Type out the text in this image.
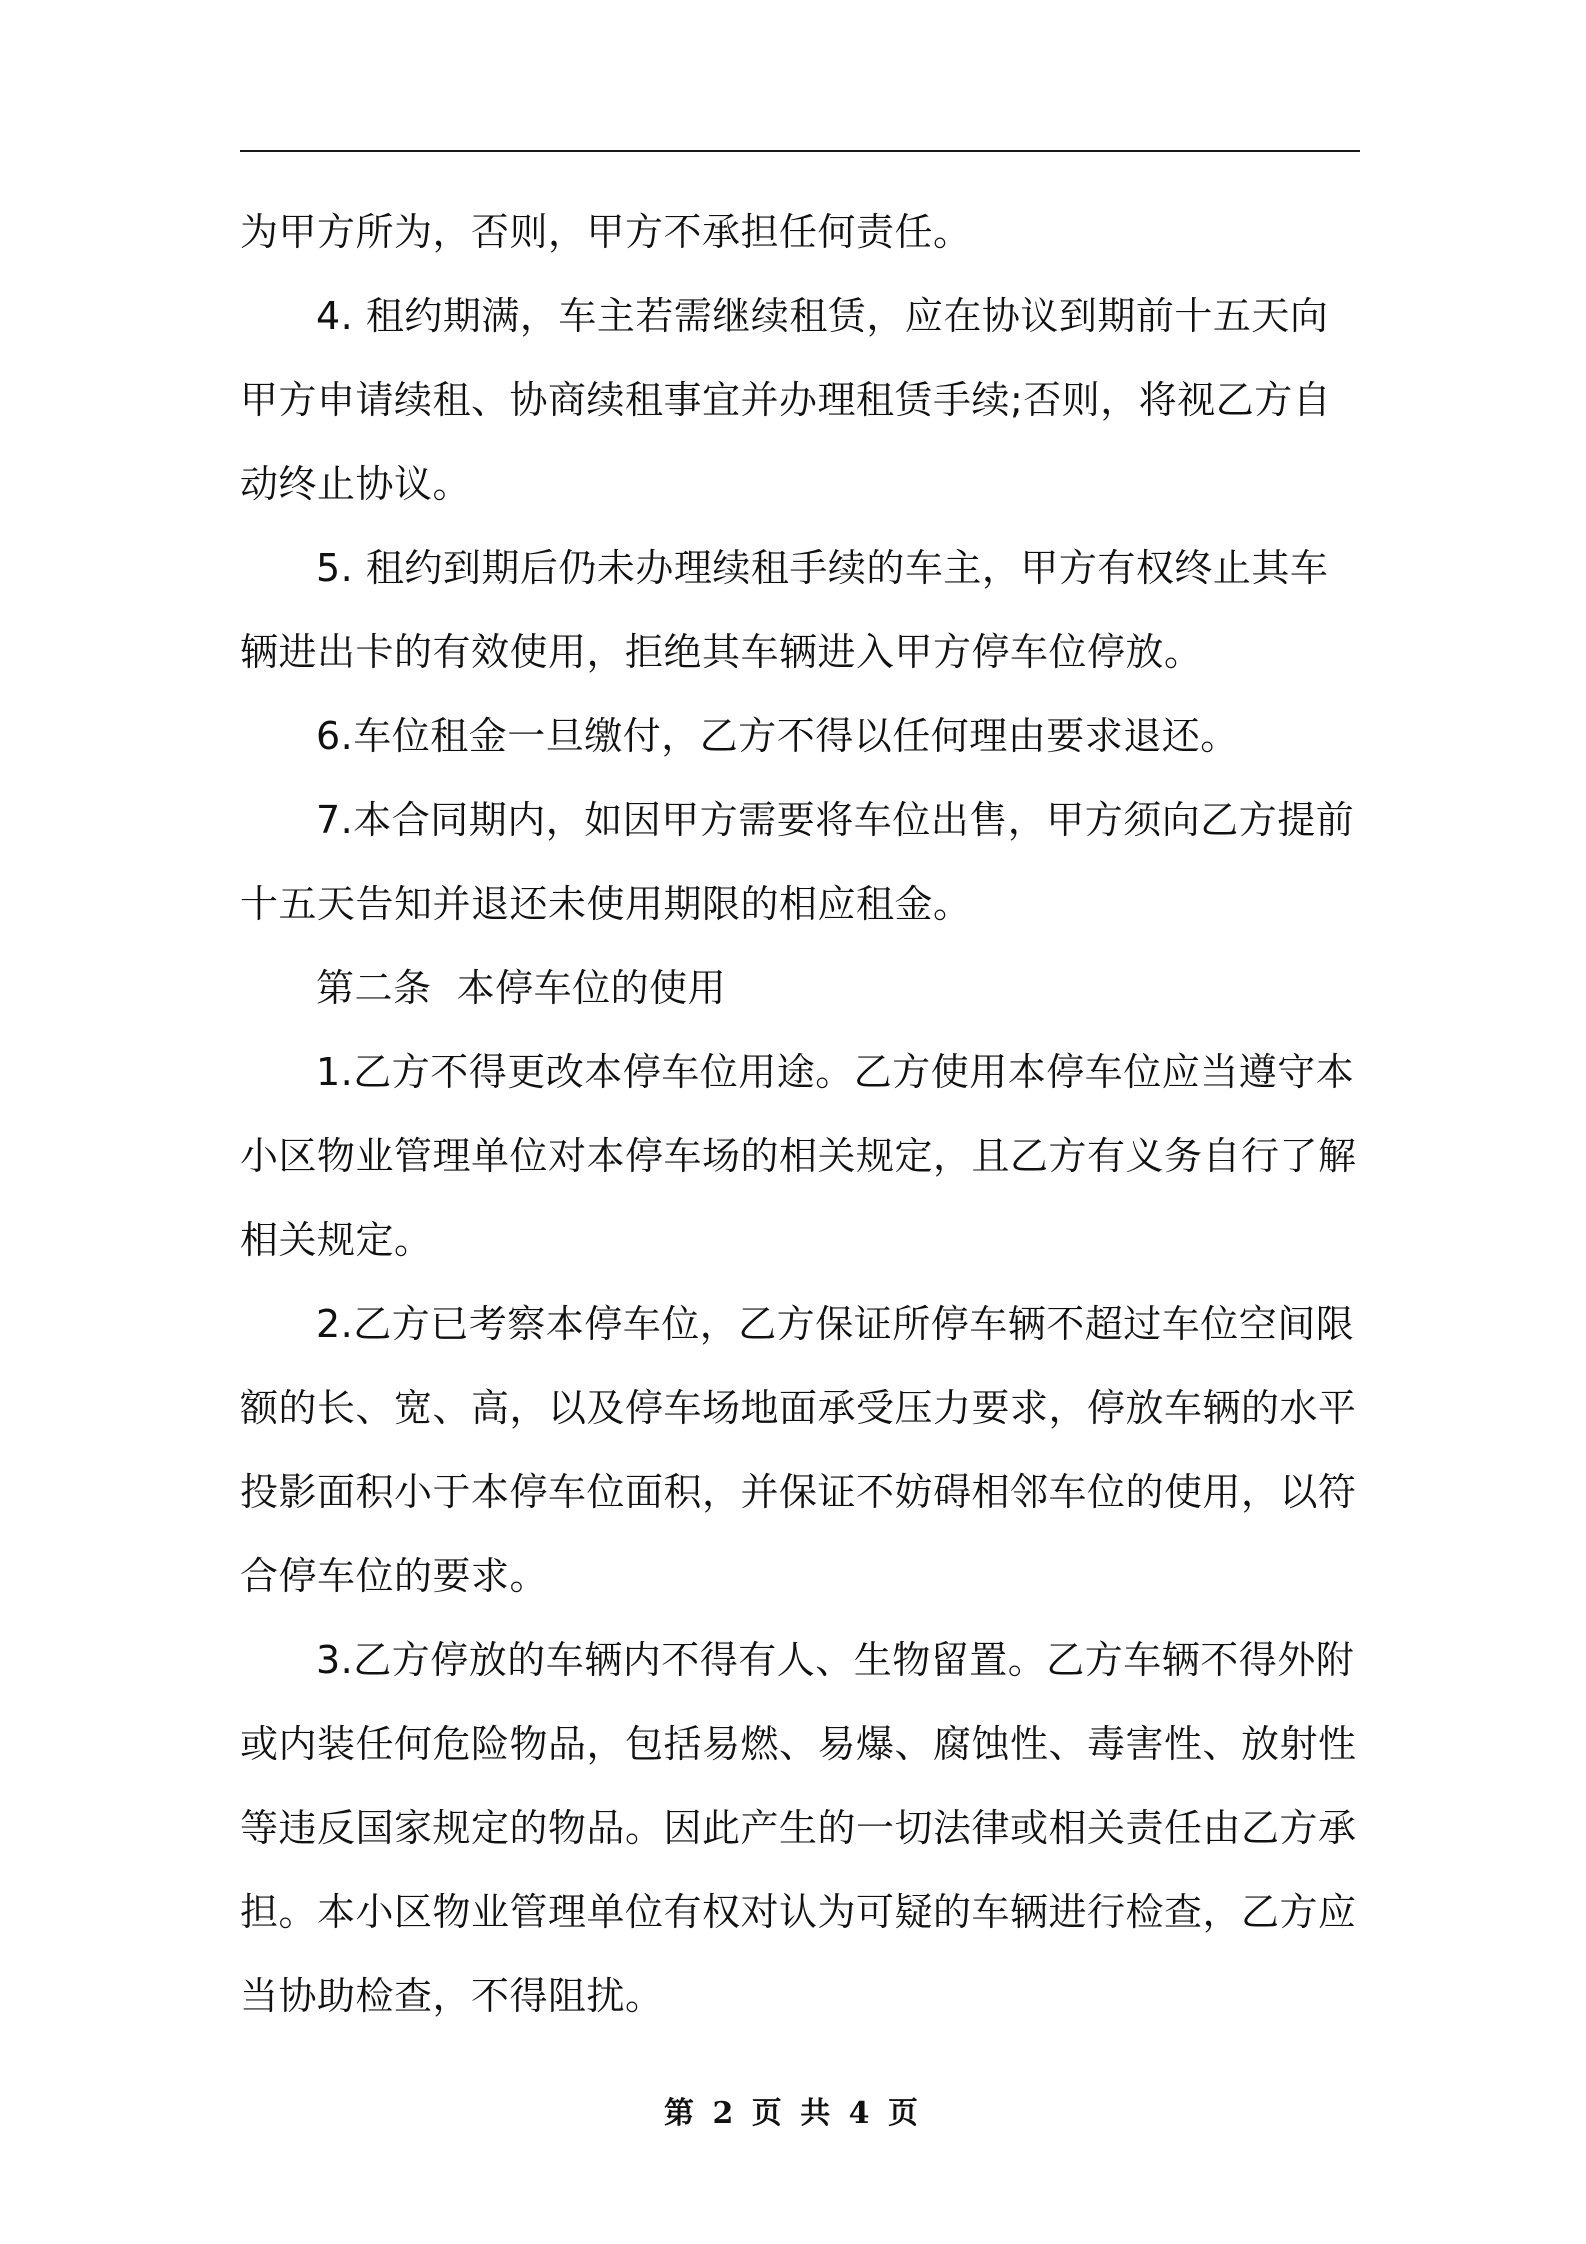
为甲方所为，否则，甲方不承担任何责任。

4. 租约期满，车主若需继续租赁，应在协议到期前十五天向甲方申请续租、协商续租事宜并办理租赁手续;否则，将视乙方自动终止协议。

5. 租约到期后仍未办理续租手续的车主，甲方有权终止其车辆进出卡的有效使用，拒绝其车辆进入甲方停车位停放。

6.车位租金一旦缴付，乙方不得以任何理由要求退还。

7.本合同期内，如因甲方需要将车位出售，甲方须向乙方提前十五天告知并退还未使用期限的相应租金。

第二条  本停车位的使用

1.乙方不得更改本停车位用途。乙方使用本停车位应当遵守本小区物业管理单位对本停车场的相关规定，且乙方有义务自行了解相关规定。

2.乙方已考察本停车位，乙方保证所停车辆不超过车位空间限额的长、宽、高，以及停车场地面承受压力要求，停放车辆的水平投影面积小于本停车位面积，并保证不妨碍相邻车位的使用，以符合停车位的要求。

3.乙方停放的车辆内不得有人、生物留置。乙方车辆不得外附或内装任何危险物品，包括易燃、易爆、腐蚀性、毒害性、放射性等违反国家规定的物品。因此产生的一切法律或相关责任由乙方承担。本小区物业管理单位有权对认为可疑的车辆进行检查，乙方应当协助检查，不得阻扰。

第 2 页 共 4 页
